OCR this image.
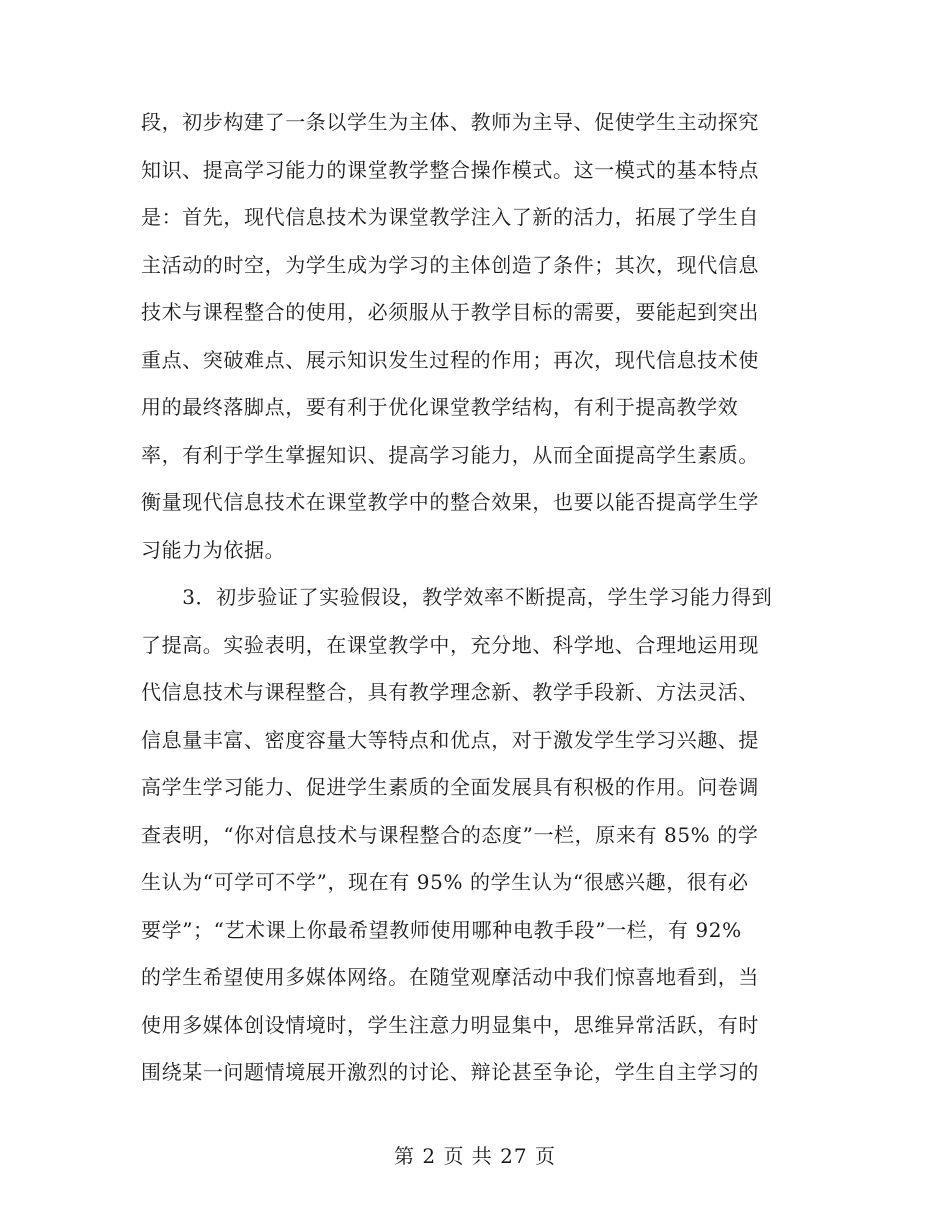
段，初步构建了一条以学生为主体、教师为主导、促使学生主动探究
知识、提高学习能力的课堂教学整合操作模式。这一模式的基本特点
是：首先，现代信息技术为课堂教学注入了新的活力，拓展了学生自
主活动的时空，为学生成为学习的主体创造了条件；其次，现代信息
技术与课程整合的使用，必须服从于教学目标的需要，要能起到突出
重点、突破难点、展示知识发生过程的作用；再次，现代信息技术使
用的最终落脚点，要有利于优化课堂教学结构，有利于提高教学效
率，有利于学生掌握知识、提高学习能力，从而全面提高学生素质。
衡量现代信息技术在课堂教学中的整合效果，也要以能否提高学生学
习能力为依据。
　　3．初步验证了实验假设，教学效率不断提高，学生学习能力得到
了提高。实验表明，在课堂教学中，充分地、科学地、合理地运用现
代信息技术与课程整合，具有教学理念新、教学手段新、方法灵活、
信息量丰富、密度容量大等特点和优点，对于激发学生学习兴趣、提
高学生学习能力、促进学生素质的全面发展具有积极的作用。问卷调
查表明，“你对信息技术与课程整合的态度”一栏，原来有 85% 的学
生认为“可学可不学”，现在有 95% 的学生认为“很感兴趣，很有必
要学”；“艺术课上你最希望教师使用哪种电教手段”一栏，有 92%
的学生希望使用多媒体网络。在随堂观摩活动中我们惊喜地看到，当
使用多媒体创设情境时，学生注意力明显集中，思维异常活跃，有时
围绕某一问题情境展开激烈的讨论、辩论甚至争论，学生自主学习的
第 2 页 共 27 页
